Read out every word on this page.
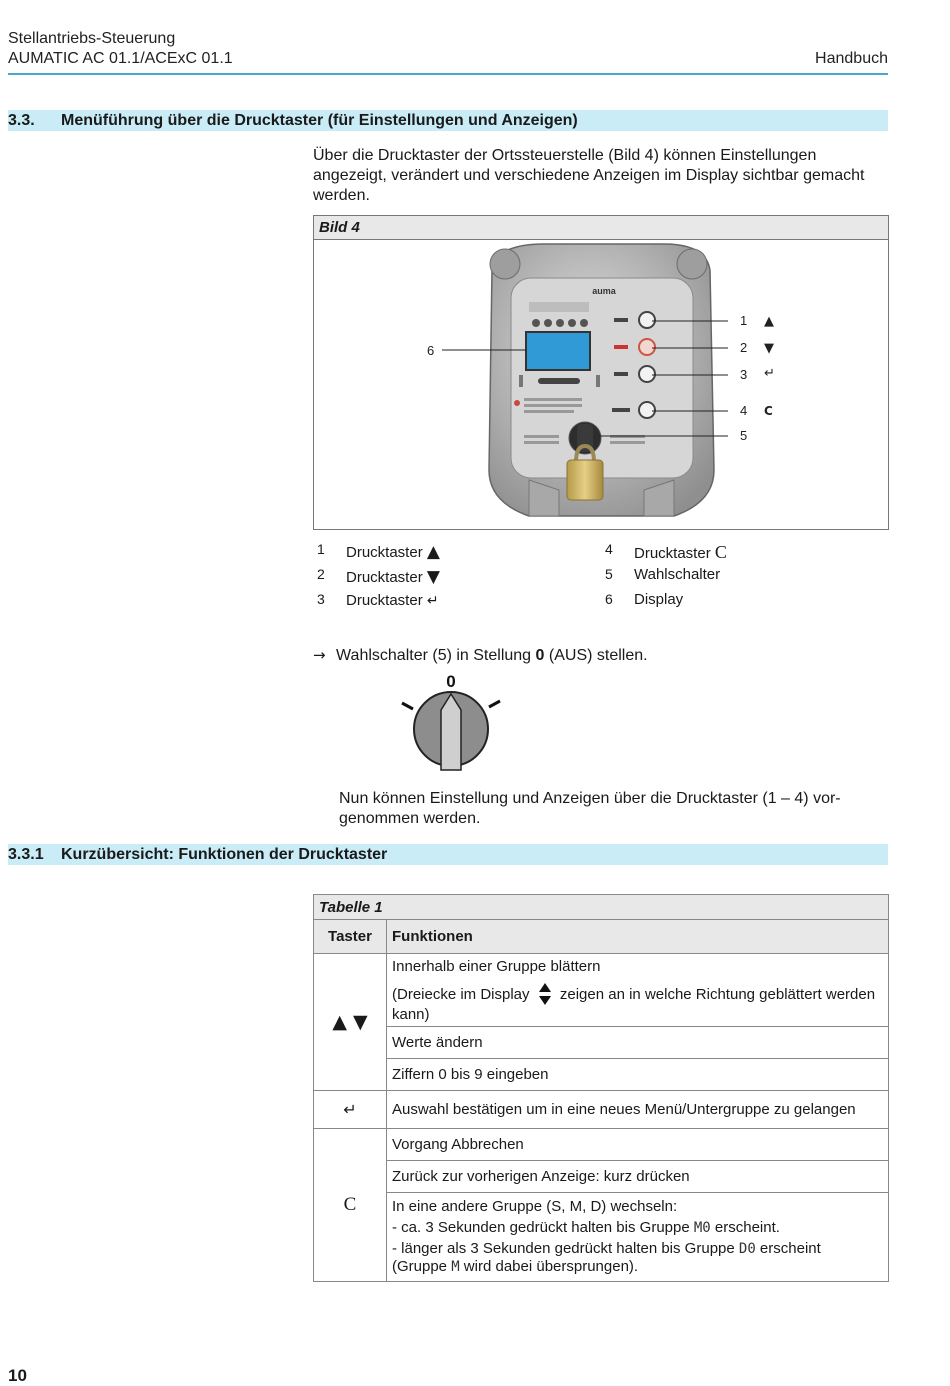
Stellantriebs-Steuerung
AUMATIC AC 01.1/ACExC 01.1	Handbuch
3.3. Menüführung über die Drucktaster (für Einstellungen und Anzeigen)
Über die Drucktaster der Ortssteuerstelle (Bild 4) können Einstellungen angezeigt, verändert und verschiedene Anzeigen im Display sichtbar gemacht werden.
Bild 4
auma
1
2
3
4
5
6
▲
▼
↵
C
1 Drucktaster ▲
2 Drucktaster ▼
3 Drucktaster ↵
4 Drucktaster C
5 Wahlschalter
6 Display
→ Wahlschalter (5) in Stellung 0 (AUS) stellen.
0
Nun können Einstellung und Anzeigen über die Drucktaster (1 – 4) vor-genommen werden.
3.3.1 Kurzübersicht: Funktionen der Drucktaster
Tabelle 1	
Taster	Funktionen
▲ ▼	Innerhalb einer Gruppe blättern
(Dreiecke im Display zeigen an in welche Richtung geblättert werden kann)

	Werte ändern
	Ziffern 0 bis 9 eingeben
↵	Auswahl bestätigen um in eine neues Menü/Untergruppe zu gelangen
C	Vorgang Abbrechen
	Zurück zur vorherigen Anzeige: kurz drücken

	In eine andere Gruppe (S, M, D) wechseln:
- ca. 3 Sekunden gedrückt halten bis Gruppe M0 erscheint.
- länger als 3 Sekunden gedrückt halten bis Gruppe D0 erscheint
(Gruppe M wird dabei übersprungen).
10
